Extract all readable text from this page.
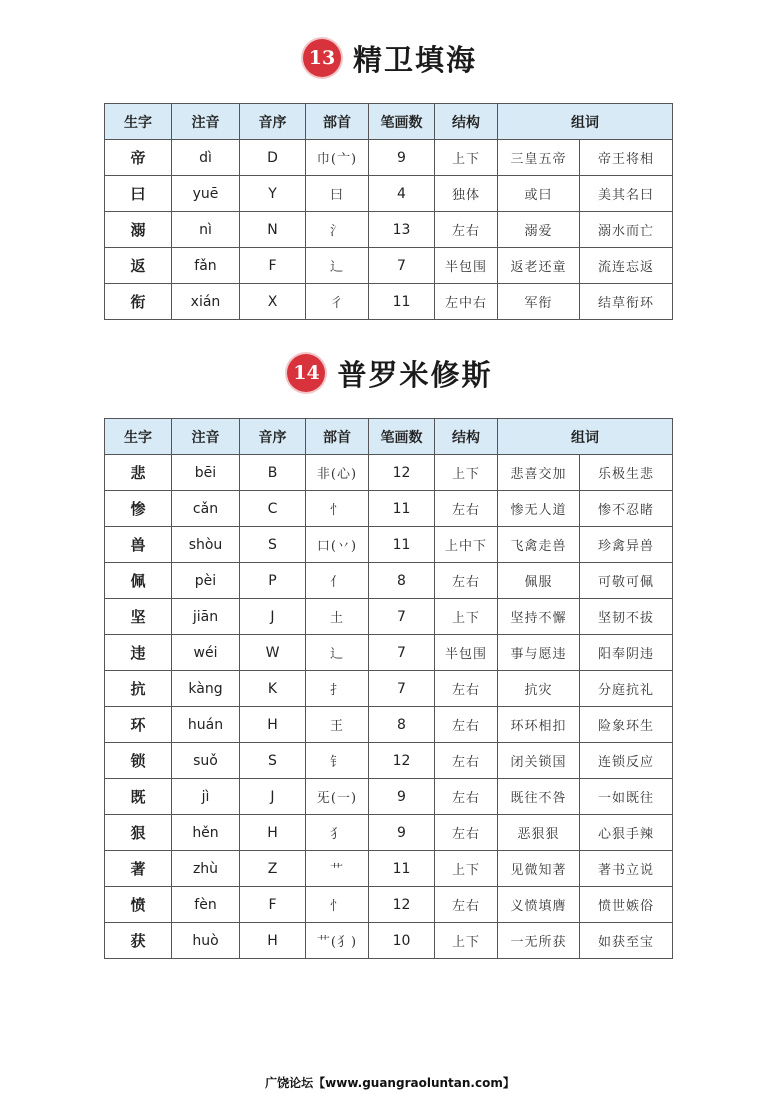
13 精卫填海
生字	注音	音序	部首	笔画数	结构	组词	
帝	dì	D	巾(亠)	9	上下	三皇五帝	帝王将相
曰	yuē	Y	曰	4	独体	或曰	美其名曰
溺	nì	N	氵	13	左右	溺爱	溺水而亡
返	fǎn	F	辶	7	半包围	返老还童	流连忘返
衔	xián	X	彳	11	左中右	军衔	结草衔环
14 普罗米修斯
生字	注音	音序	部首	笔画数	结构	组词	
悲	bēi	B	非(心)	12	上下	悲喜交加	乐极生悲
惨	cǎn	C	忄	11	左右	惨无人道	惨不忍睹
兽	shòu	S	口(丷)	11	上中下	飞禽走兽	珍禽异兽
佩	pèi	P	亻	8	左右	佩服	可敬可佩
坚	jiān	J	土	7	上下	坚持不懈	坚韧不拔
违	wéi	W	辶	7	半包围	事与愿违	阳奉阴违
抗	kàng	K	扌	7	左右	抗灾	分庭抗礼
环	huán	H	王	8	左右	环环相扣	险象环生
锁	suǒ	S	钅	12	左右	闭关锁国	连锁反应
既	jì	J	旡(一)	9	左右	既往不咎	一如既往
狠	hěn	H	犭	9	左右	恶狠狠	心狠手辣
著	zhù	Z	艹	11	上下	见微知著	著书立说
愤	fèn	F	忄	12	左右	义愤填膺	愤世嫉俗
获	huò	H	艹(犭)	10	上下	一无所获	如获至宝
广饶论坛【www.guangraoluntan.com】
